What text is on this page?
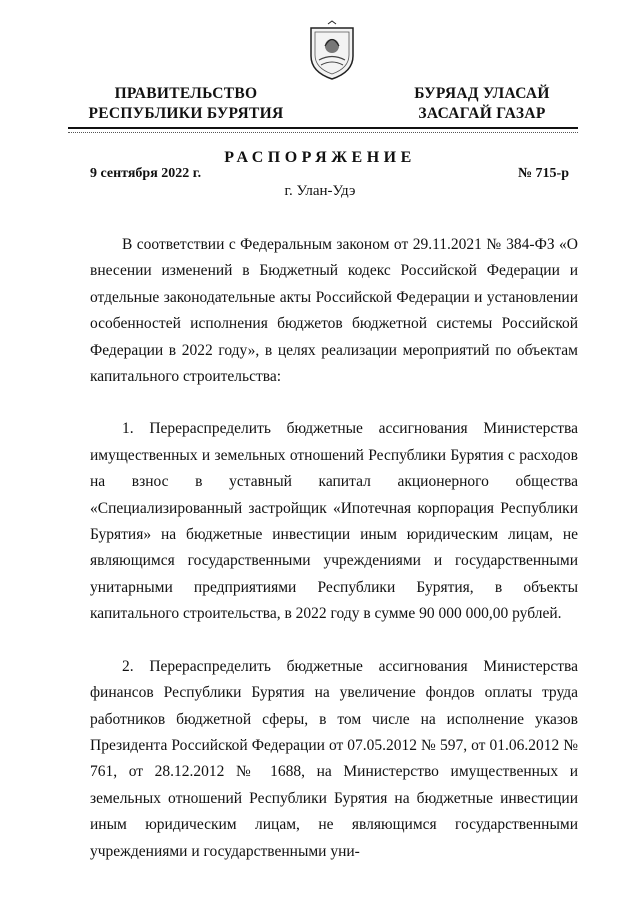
ПРАВИТЕЛЬСТВО
РЕСПУБЛИКИ БУРЯТИЯ
БУРЯАД УЛАСАЙ
ЗАСАГАЙ ГАЗАР
РАСПОРЯЖЕНИЕ
9 сентября 2022 г.	№ 715-р
г. Улан-Удэ

В соответствии с Федеральным законом от 29.11.2021 № 384-ФЗ «О внесении изменений в Бюджетный кодекс Российской Федерации и отдельные законодательные акты Российской Федерации и установлении особенностей исполнения бюджетов бюджетной системы Российской Федерации в 2022 году», в целях реализации мероприятий по объектам капитального строительства:

1. Перераспределить бюджетные ассигнования Министерства имущественных и земельных отношений Республики Бурятия с расходов на взнос в уставный капитал акционерного общества «Специализированный застройщик «Ипотечная корпорация Республики Бурятия» на бюджетные инвестиции иным юридическим лицам, не являющимся государственными учреждениями и государственными унитарными предприятиями Республики Бурятия, в объекты капитального строительства, в 2022 году в сумме 90 000 000,00 рублей.

2. Перераспределить бюджетные ассигнования Министерства финансов Республики Бурятия на увеличение фондов оплаты труда работников бюджетной сферы, в том числе на исполнение указов Президента Российской Федерации от 07.05.2012 № 597, от 01.06.2012 № 761, от 28.12.2012 № 1688, на Министерство имущественных и земельных отношений Республики Бурятия на бюджетные инвестиции иным юридическим лицам, не являющимся государственными учреждениями и государственными уни-
